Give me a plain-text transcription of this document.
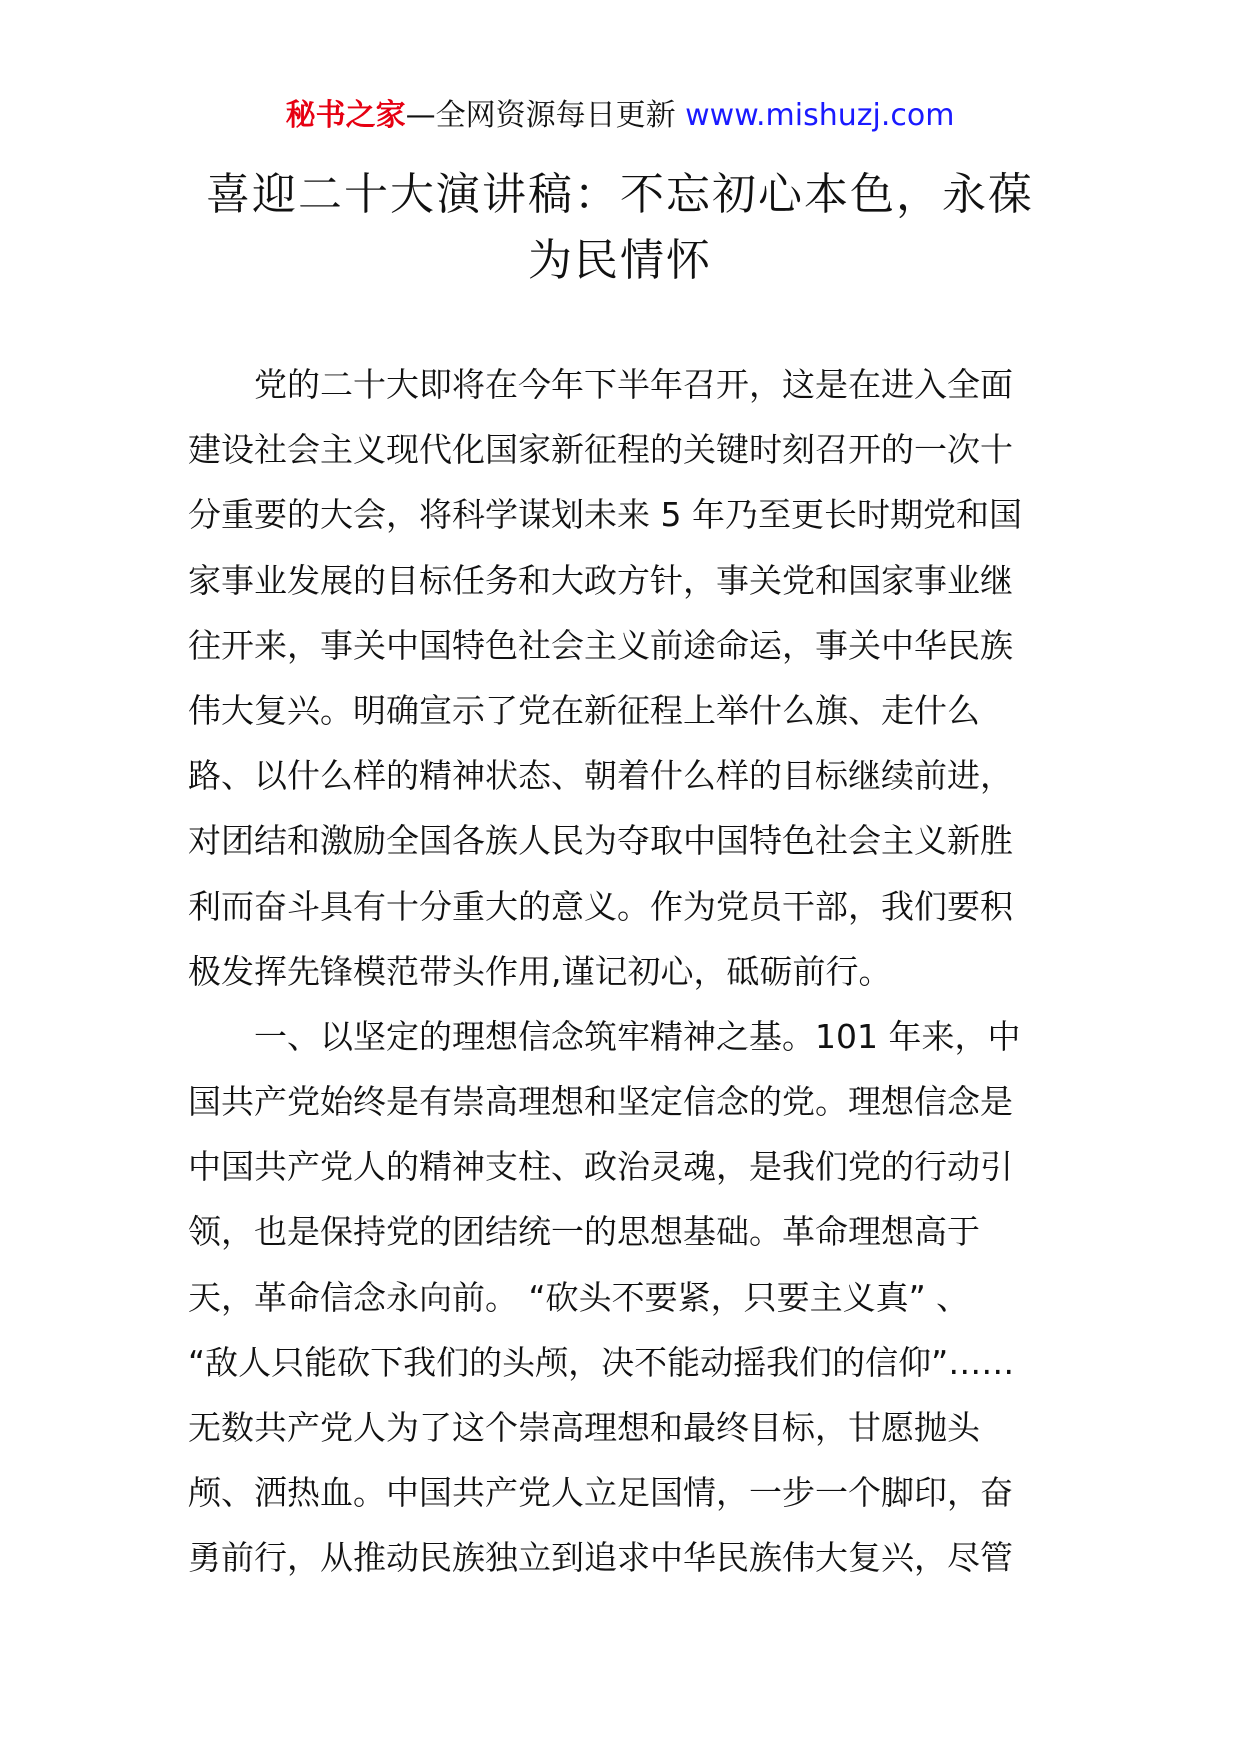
秘书之家—全网资源每日更新 www.mishuzj.com
喜迎二十大演讲稿：不忘初心本色，永葆
为民情怀
　　党的二十大即将在今年下半年召开，这是在进入全面
建设社会主义现代化国家新征程的关键时刻召开的一次十
分重要的大会，将科学谋划未来 5 年乃至更长时期党和国
家事业发展的目标任务和大政方针，事关党和国家事业继
往开来，事关中国特色社会主义前途命运，事关中华民族
伟大复兴。明确宣示了党在新征程上举什么旗、走什么
路、以什么样的精神状态、朝着什么样的目标继续前进，
对团结和激励全国各族人民为夺取中国特色社会主义新胜
利而奋斗具有十分重大的意义。作为党员干部，我们要积
极发挥先锋模范带头作用,谨记初心，砥砺前行。
　　一、以坚定的理想信念筑牢精神之基。101 年来，中
国共产党始终是有崇高理想和坚定信念的党。理想信念是
中国共产党人的精神支柱、政治灵魂，是我们党的行动引
领，也是保持党的团结统一的思想基础。革命理想高于
天，革命信念永向前。 “砍头不要紧，只要主义真” 、
“敌人只能砍下我们的头颅，决不能动摇我们的信仰”……
无数共产党人为了这个崇高理想和最终目标，甘愿抛头
颅、洒热血。中国共产党人立足国情，一步一个脚印，奋
勇前行，从推动民族独立到追求中华民族伟大复兴，尽管
